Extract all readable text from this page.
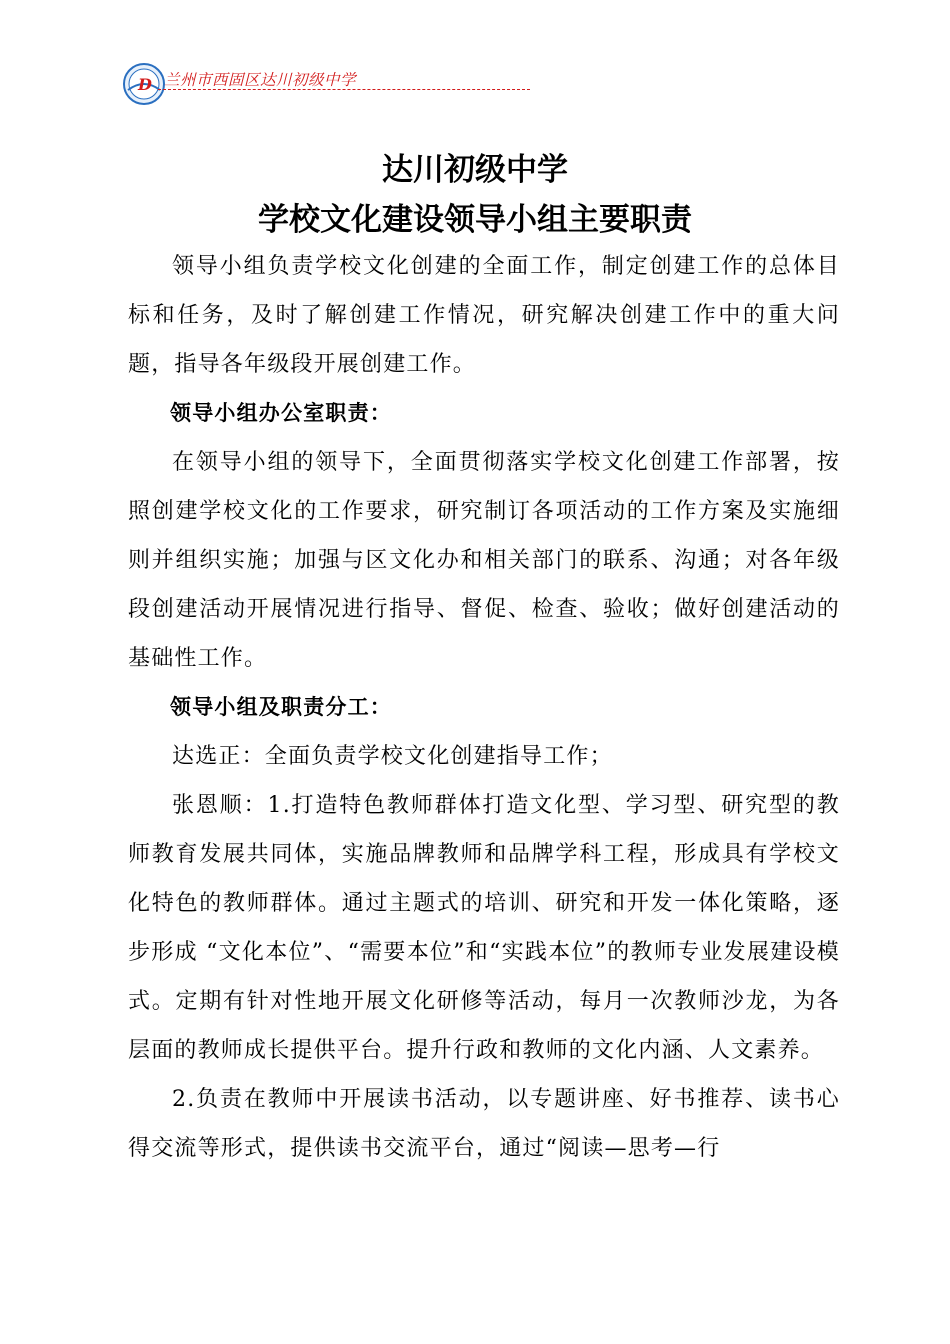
D 兰州市西固区达川初级中学
达川初级中学
学校文化建设领导小组主要职责

领导小组负责学校文化创建的全面工作，制定创建工作的总体目标和任务，及时了解创建工作情况，研究解决创建工作中的重大问题，指导各年级段开展创建工作。

领导小组办公室职责：

在领导小组的领导下，全面贯彻落实学校文化创建工作部署，按照创建学校文化的工作要求，研究制订各项活动的工作方案及实施细则并组织实施；加强与区文化办和相关部门的联系、沟通；对各年级段创建活动开展情况进行指导、督促、检查、验收；做好创建活动的基础性工作。

领导小组及职责分工：

达选正：全面负责学校文化创建指导工作；

张恩顺：1.打造特色教师群体打造文化型、学习型、研究型的教师教育发展共同体，实施品牌教师和品牌学科工程，形成具有学校文化特色的教师群体。通过主题式的培训、研究和开发一体化策略，逐步形成 “文化本位”、“需要本位”和“实践本位”的教师专业发展建设模式。定期有针对性地开展文化研修等活动，每月一次教师沙龙，为各层面的教师成长提供平台。提升行政和教师的文化内涵、人文素养。

2.负责在教师中开展读书活动，以专题讲座、好书推荐、读书心得交流等形式，提供读书交流平台，通过“阅读—思考—行
